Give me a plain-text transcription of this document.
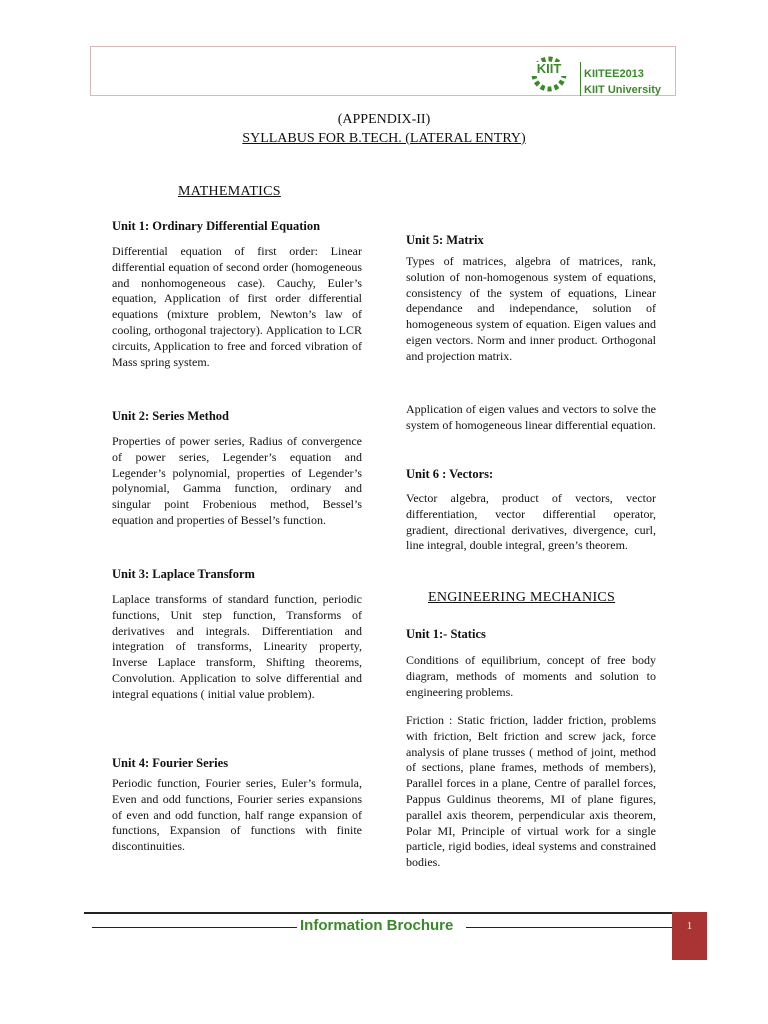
KIIT KIITEE2013
KIIT University
(APPENDIX-II)
SYLLABUS FOR B.TECH. (LATERAL ENTRY)
MATHEMATICS
Unit 1: Ordinary Differential Equation
Differential equation of first order: Linear differential equation of second order (homogeneous and nonhomogeneous case). Cauchy, Euler’s equation, Application of first order differential equations (mixture problem, Newton’s law of cooling, orthogonal trajectory). Application to LCR circuits, Application to free and forced vibration of Mass spring system.
Unit 2: Series Method
Properties of power series, Radius of convergence of power series, Legender’s equation and Legender’s polynomial, properties of Legender’s polynomial, Gamma function, ordinary and singular point Frobenious method, Bessel’s equation and properties of Bessel’s function.
Unit 3: Laplace Transform
Laplace transforms of standard function, periodic functions, Unit step function, Transforms of derivatives and integrals. Differentiation and integration of transforms, Linearity property, Inverse Laplace transform, Shifting theorems, Convolution. Application to solve differential and integral equations ( initial value problem).
Unit 4: Fourier Series
Periodic function, Fourier series, Euler’s formula, Even and odd functions, Fourier series expansions of even and odd function, half range expansion of functions, Expansion of functions with finite discontinuities.
Unit 5: Matrix
Types of matrices, algebra of matrices, rank, solution of non-homogenous system of equations, consistency of the system of equations, Linear dependance and independance, solution of homogeneous system of equation. Eigen values and eigen vectors. Norm and inner product. Orthogonal and projection matrix.
Application of eigen values and vectors to solve the system of homogeneous linear differential equation.
Unit 6 : Vectors:
Vector algebra, product of vectors, vector differentiation, vector differential operator, gradient, directional derivatives, divergence, curl, line integral, double integral, green’s theorem.
ENGINEERING MECHANICS
Unit 1:- Statics
Conditions of equilibrium, concept of free body diagram, methods of moments and solution to engineering problems.
Friction : Static friction, ladder friction, problems with friction, Belt friction and screw jack, force analysis of plane trusses ( method of joint, method of sections, plane frames, methods of members), Parallel forces in a plane, Centre of parallel forces, Pappus Guldinus theorems, MI of plane figures, parallel axis theorem, perpendicular axis theorem, Polar MI, Principle of virtual work for a single particle, rigid bodies, ideal systems and constrained bodies.
Information Brochure	1
